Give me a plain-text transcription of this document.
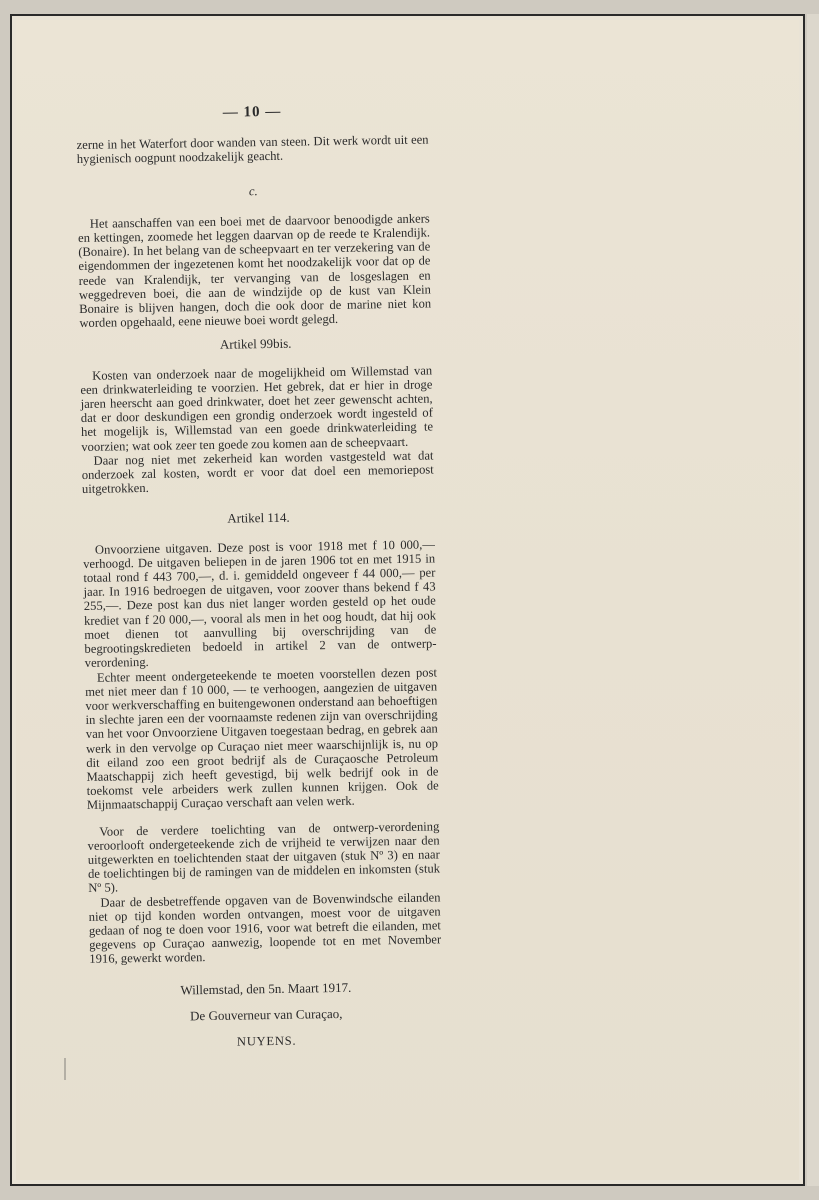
— 10 —

zerne in het Waterfort door wanden van steen. Dit werk wordt uit een hygienisch oogpunt noodzakelijk geacht.

c.

Het aanschaffen van een boei met de daarvoor benoodigde ankers en kettingen, zoomede het leggen daarvan op de reede te Kralendijk. (Bonaire). In het belang van de scheepvaart en ter verzekering van de eigendommen der ingezetenen komt het noodzakelijk voor dat op de reede van Kralendijk, ter vervanging van de losgeslagen en weggedreven boei, die aan de windzijde op de kust van Klein Bonaire is blijven hangen, doch die ook door de marine niet kon worden opgehaald, eene nieuwe boei wordt gelegd.

Artikel 99bis.

Kosten van onderzoek naar de mogelijkheid om Willemstad van een drinkwaterleiding te voorzien. Het gebrek, dat er hier in droge jaren heerscht aan goed drinkwater, doet het zeer gewenscht achten, dat er door deskundigen een grondig onderzoek wordt ingesteld of het mogelijk is, Willemstad van een goede drinkwaterleiding te voorzien; wat ook zeer ten goede zou komen aan de scheepvaart.

Daar nog niet met zekerheid kan worden vastgesteld wat dat onderzoek zal kosten, wordt er voor dat doel een memoriepost uitgetrokken.

Artikel 114.

Onvoorziene uitgaven. Deze post is voor 1918 met f 10 000,— verhoogd. De uitgaven beliepen in de jaren 1906 tot en met 1915 in totaal rond f 443 700,—, d. i. gemiddeld ongeveer f 44 000,— per jaar. In 1916 bedroegen de uitgaven, voor zoover thans bekend f 43 255,—. Deze post kan dus niet langer worden gesteld op het oude krediet van f 20 000,—, vooral als men in het oog houdt, dat hij ook moet dienen tot aanvulling bij overschrijding van de begrootingskredieten bedoeld in artikel 2 van de ontwerp-verordening.

Echter meent ondergeteekende te moeten voorstellen dezen post met niet meer dan f 10 000, — te verhoogen, aangezien de uitgaven voor werkverschaffing en buitengewonen onderstand aan behoeftigen in slechte jaren een der voornaamste redenen zijn van overschrijding van het voor Onvoorziene Uitgaven toegestaan bedrag, en gebrek aan werk in den vervolge op Curaçao niet meer waarschijnlijk is, nu op dit eiland zoo een groot bedrijf als de Curaçaosche Petroleum Maatschappij zich heeft gevestigd, bij welk bedrijf ook in de toekomst vele arbeiders werk zullen kunnen krijgen. Ook de Mijnmaatschappij Curaçao verschaft aan velen werk.

Voor de verdere toelichting van de ontwerp-verordening veroorlooft ondergeteekende zich de vrijheid te verwijzen naar den uitgewerkten en toelichtenden staat der uitgaven (stuk Nº 3) en naar de toelichtingen bij de ramingen van de middelen en inkomsten (stuk Nº 5).

Daar de desbetreffende opgaven van de Bovenwindsche eilanden niet op tijd konden worden ontvangen, moest voor de uitgaven gedaan of nog te doen voor 1916, voor wat betreft die eilanden, met gegevens op Curaçao aanwezig, loopende tot en met November 1916, gewerkt worden.

Willemstad, den 5n. Maart 1917.
De Gouverneur van Curaçao,
NUYENS.
